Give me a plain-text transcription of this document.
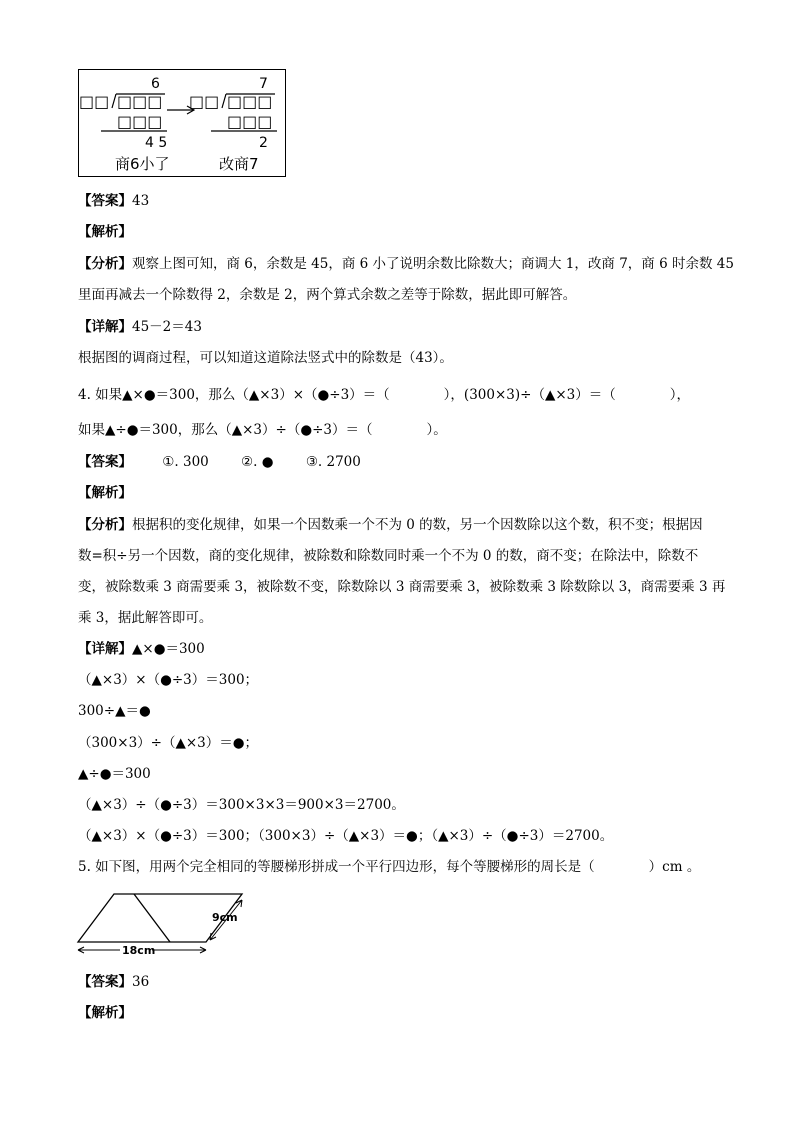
6
□□ □□□
□□□
4 5
商6小了
7
□□ □□□
□□□
2
改商7
【答案】43
【解析】
【分析】观察上图可知，商 6，余数是 45，商 6 小了说明余数比除数大；商调大 1，改商 7，商 6 时余数 45
里面再减去一个除数得 2，余数是 2，两个算式余数之差等于除数，据此即可解答。
【详解】45－2＝43
根据图的调商过程，可以知道这道除法竖式中的除数是（43）。
4. 如果▲×●＝300，那么（▲×3）×（●÷3）＝（　　　　），(300×3)÷（▲×3）＝（　　　　），
如果▲÷●＝300，那么（▲×3）÷（●÷3）＝（　　　　）。
【答案】 ①. 300 ②. ● ③. 2700
【解析】
【分析】根据积的变化规律，如果一个因数乘一个不为 0 的数，另一个因数除以这个数，积不变；根据因
数=积÷另一个因数，商的变化规律，被除数和除数同时乘一个不为 0 的数，商不变；在除法中，除数不
变，被除数乘 3 商需要乘 3，被除数不变，除数除以 3 商需要乘 3，被除数乘 3 除数除以 3，商需要乘 3 再
乘 3，据此解答即可。
【详解】▲×●＝300
（▲×3）×（●÷3）＝300；
300÷▲＝●
（300×3）÷（▲×3）＝●；
▲÷●＝300
（▲×3）÷（●÷3）＝300×3×3＝900×3＝2700。
（▲×3）×（●÷3）＝300；（300×3）÷（▲×3）＝●；（▲×3）÷（●÷3）＝2700。
5. 如下图，用两个完全相同的等腰梯形拼成一个平行四边形，每个等腰梯形的周长是（　　　　）cm 。
9cm
18cm
【答案】36
【解析】
